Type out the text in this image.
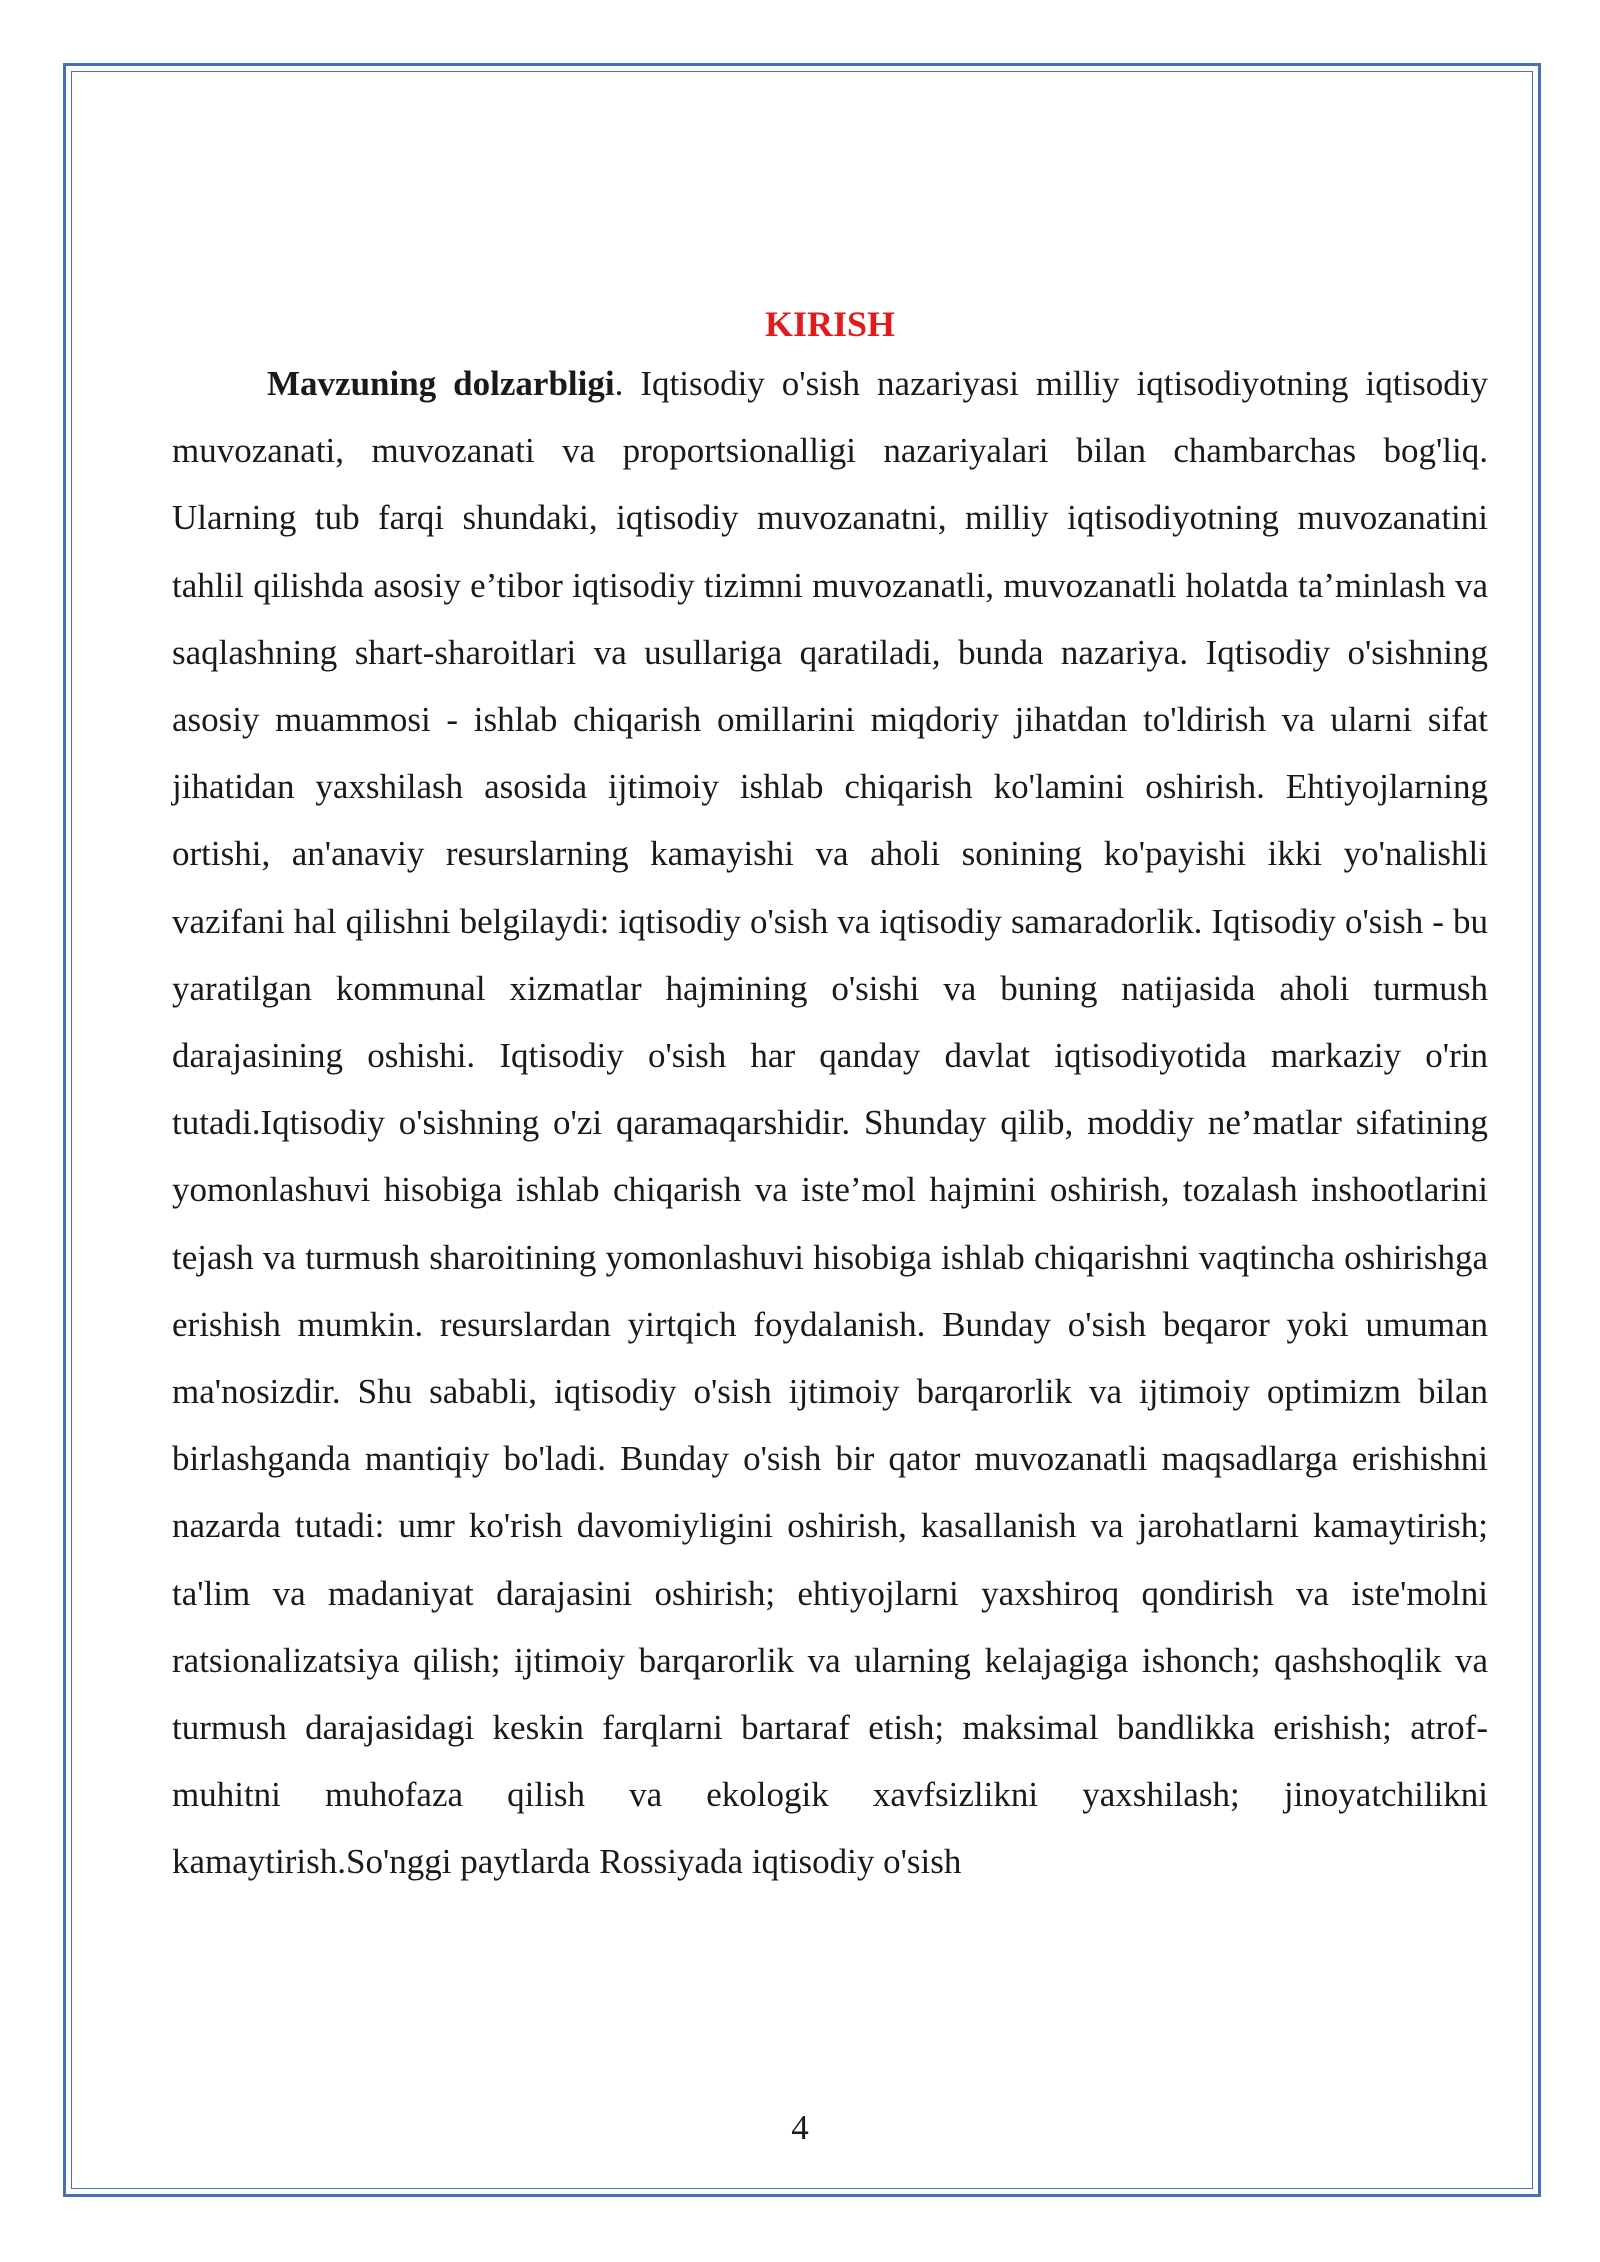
KIRISH

Mavzuning dolzarbligi. Iqtisodiy o'sіsh nazariyasi milliy iqtisodiyotning iqtisodiy muvozanati, muvozanati va proportsionalligi nazariyalari bilan chambarchas bog'liq. Ularning tub farqi shundaki, iqtisodiy muvozanatni, milliy iqtisodiyotning muvozanatini tahlil qilishda asosiy e’tibor iqtisodiy tizimni muvozanatli, muvozanatli holatda ta’minlash va saqlashning shart-sharoitlari va usullariga qaratiladi, bunda nazariya. Iqtisodiy o'sishning asosiy muammosi - ishlab chiqarish omillarini miqdoriy jihatdan to'ldirish va ularni sifat jihatidan yaxshilash asosida ijtimoiy ishlab chiqarish ko'lamini oshirish. Ehtiyojlarning ortishi, an'anaviy resurslarning kamayishi va aholi sonining ko'payishi ikki yo'nalishli vazifani hal qilishni belgilaydi: iqtisodiy o'sish va iqtisodiy samaradorlik. Iqtisodiy o'sish - bu yaratilgan kommunal xizmatlar hajmining o'sishi va buning natijasida aholi turmush darajasining oshishi. Iqtisodiy o'sish har qanday davlat iqtisodiyotida markaziy o'rin tutadi.Iqtisodiy o'sishning o'zi qaramaqarshidir. Shunday qilib, moddiy ne’matlar sifatining yomonlashuvi hisobiga ishlab chiqarish va iste’mol hajmini oshirish, tozalash inshootlarini tejash va turmush sharoitining yomonlashuvi hisobiga ishlab chiqarishni vaqtincha oshirishga erishish mumkin. resurslardan yirtqich foydalanish. Bunday o'sish beqaror yoki umuman ma'nosizdir. Shu sababli, iqtisodiy o'sish ijtimoiy barqarorlik va ijtimoiy optimizm bilan birlashganda mantiqiy bo'ladi. Bunday o'sish bir qator muvozanatli maqsadlarga erishishni nazarda tutadi: umr ko'rish davomiyligini oshirish, kasallanish va jarohatlarni kamaytirish; ta'lim va madaniyat darajasini oshirish; ehtiyojlarni yaxshiroq qondirish va iste'molni ratsionalizatsiya qilish; ijtimoiy barqarorlik va ularning kelajagiga ishonch; qashshoqlik va turmush darajasidagi keskin farqlarni bartaraf etish; maksimal bandlikka erishish; atrof-muhitni muhofaza qilish va ekologik xavfsizlikni yaxshilash; jinoyatchilikni kamaytirish.So'nggi paytlarda Rossiyada iqtisodiy o'sish

4
